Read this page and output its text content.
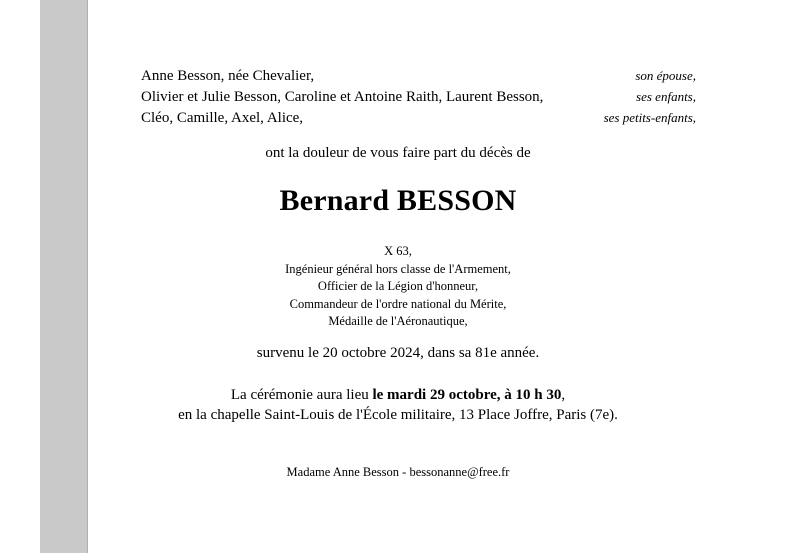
Anne Besson, née Chevalier,	son épouse,
Olivier et Julie Besson, Caroline et Antoine Raith, Laurent Besson,	ses enfants,
Cléo, Camille, Axel, Alice,	ses petits-enfants,
ont la douleur de vous faire part du décès de
Bernard BESSON
X 63,
Ingénieur général hors classe de l'Armement,
Officier de la Légion d'honneur,
Commandeur de l'ordre national du Mérite,
Médaille de l'Aéronautique,
survenu le 20 octobre 2024, dans sa 81e année.
La cérémonie aura lieu le mardi 29 octobre, à 10 h 30,
en la chapelle Saint-Louis de l'École militaire, 13 Place Joffre, Paris (7e).
Madame Anne Besson - bessonanne@free.fr
